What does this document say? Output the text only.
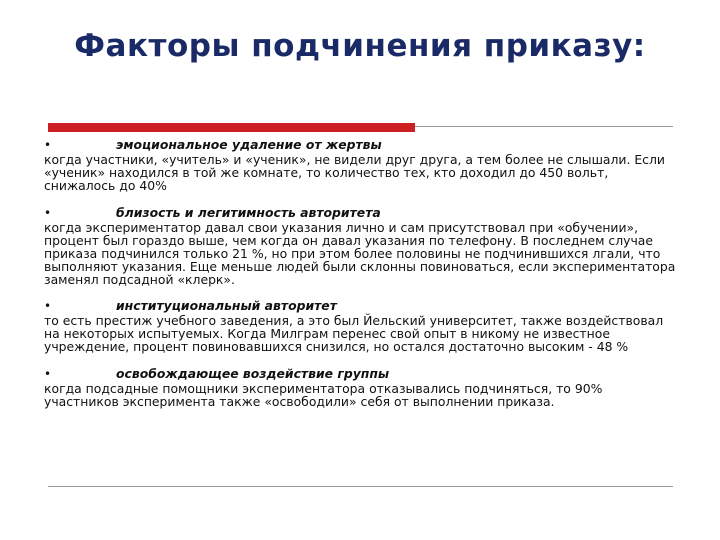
Факторы подчинения приказу:
•	эмоциональное удаление от жертвы
когда участники, «учитель» и «ученик», не видели друг друга, а тем более не слышали. Если «ученик» находился в той же комнате, то количество тех, кто доходил до 450 вольт, снижалось до 40%
•	близость и легитимность авторитета
когда экспериментатор давал свои указания лично и сам присутствовал при «обучении», процент был гораздо выше, чем когда он давал указания по телефону. В последнем случае приказа подчинился только 21 %, но при этом более половины не подчинившихся лгали, что выполняют указания. Еще меньше людей были склонны повиноваться, если экспериментатора заменял подсадной «клерк».
•	институциональный авторитет
то есть престиж учебного заведения, а это был Йельский университет, также воздействовал на некоторых испытуемых. Когда Милграм перенес свой опыт в никому не известное учреждение, процент повиновавшихся снизился, но остался достаточно высоким - 48 %
•	освобождающее воздействие группы
когда подсадные помощники экспериментатора отказывались подчиняться, то 90% участников эксперимента также «освободили» себя от выполнении приказа.
